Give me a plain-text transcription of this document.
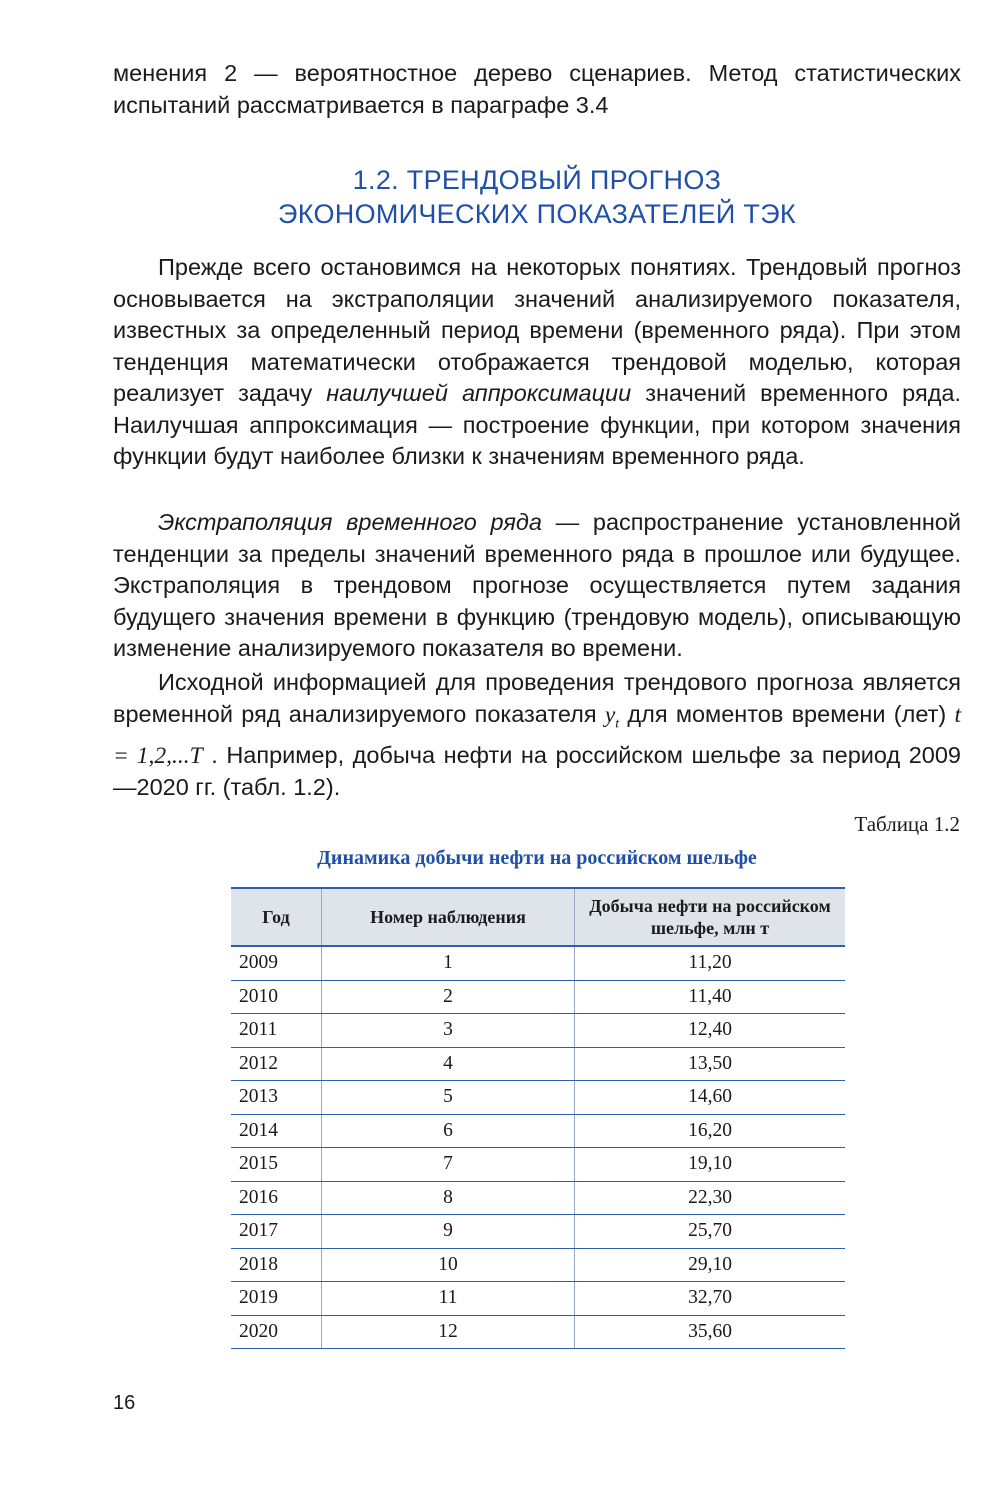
менения 2 — вероятностное дерево сценариев. Метод статистических испытаний рассматривается в параграфе 3.4

1.2. ТРЕНДОВЫЙ ПРОГНОЗ
ЭКОНОМИЧЕСКИХ ПОКАЗАТЕЛЕЙ ТЭК

Прежде всего остановимся на некоторых понятиях. Трендовый прогноз основывается на экстраполяции значений анализируемого показателя, известных за определенный период времени (временного ряда). При этом тенденция математически отображается трендовой моделью, которая реализует задачу наилучшей аппроксимации значений временного ряда. Наилучшая аппроксимация — построение функции, при котором значения функции будут наиболее близки к значениям временного ряда.

Экстраполяция временного ряда — распространение установленной тенденции за пределы значений временного ряда в прошлое или будущее. Экстраполяция в трендовом прогнозе осуществляется путем задания будущего значения времени в функцию (трендовую модель), описывающую изменение анализируемого показателя во времени.

Исходной информацией для проведения трендового прогноза является временной ряд анализируемого показателя $y_t$ для моментов времени (лет) t = 1,2,...T . Например, добыча нефти на российском шельфе за период 2009—2020 гг. (табл. 1.2).

Таблица 1.2
Динамика добычи нефти на российском шельфе
Год	Номер наблюдения	Добыча нефти на российском шельфе, млн т
2009	1	11,20
2010	2	11,40
2011	3	12,40
2012	4	13,50
2013	5	14,60
2014	6	16,20
2015	7	19,10
2016	8	22,30
2017	9	25,70
2018	10	29,10
2019	11	32,70
2020	12	35,60
16
